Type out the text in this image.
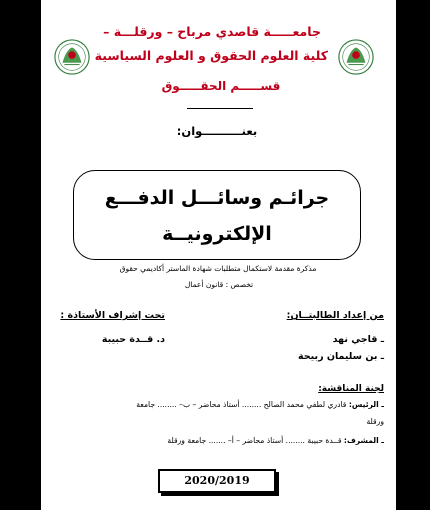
جامعـــــة قاصدي مرباح – ورقلـــة –
كلية العلوم الحقوق و العلوم السياسية
قســـــم الحقـــــوق
بعنــــــــــوان:
جرائـم وسائـــل الدفـــع
الإلكترونيــة
مذكرة مقدمة لاستكمال متطلبات شهادة الماستر أكاديمي حقوق
تخصص : قانون أعمال
من إعداد الطالبتــان:
ـ قاجي نهد
ـ بن سليمان ربيحة
تحت إشراف الأستاذة :
د. قــدة حبيبة
لجنة المناقشة:
ـ الرئيس: قادري لطفي محمد الصالح ........ أستاذ محاضر – ب– ........ جامعة
ورقلة
ـ المشرف: قــدة حبيبة ........ أستاذ محاضر – أ– ....... جامعة ورقلة
2020/2019
